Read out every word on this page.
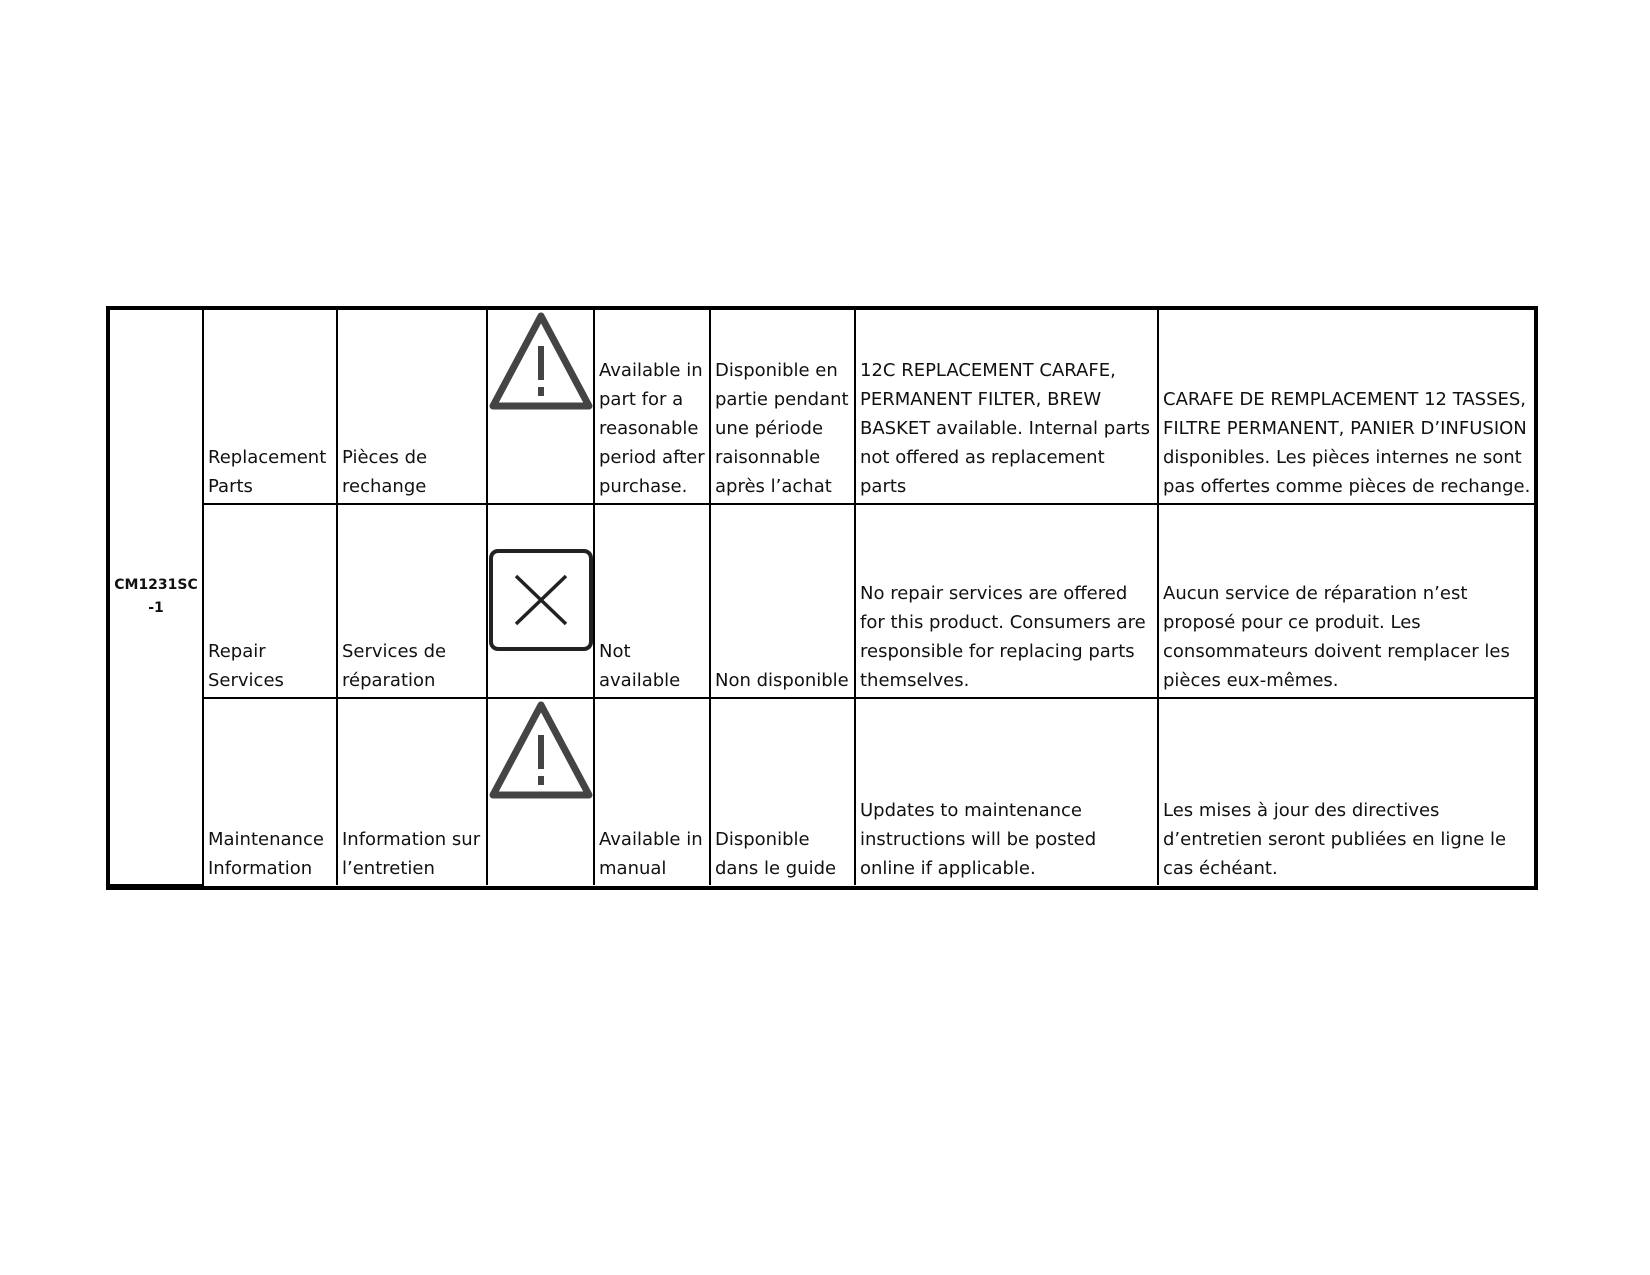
CM1231SC-1	Replacement Parts	Pièces de rechange		Available in part for a reasonable period after purchase.	Disponible en partie pendant une période raisonnable après l’achat	12C REPLACEMENT CARAFE, PERMANENT FILTER, BREW BASKET available. Internal parts not offered as replacement parts	CARAFE DE REMPLACEMENT 12 TASSES, FILTRE PERMANENT, PANIER D’INFUSION disponibles. Les pièces internes ne sont pas offertes comme pièces de rechange.
	Repair Services	Services de réparation		Not available	Non disponible	No repair services are offered for this product. Consumers are responsible for replacing parts themselves.	Aucun service de réparation n’est proposé pour ce produit. Les consommateurs doivent remplacer les pièces eux-mêmes.
	Maintenance Information	Information sur l’entretien		Available in manual	Disponible dans le guide	Updates to maintenance instructions will be posted online if applicable.	Les mises à jour des directives d’entretien seront publiées en ligne le cas échéant.
